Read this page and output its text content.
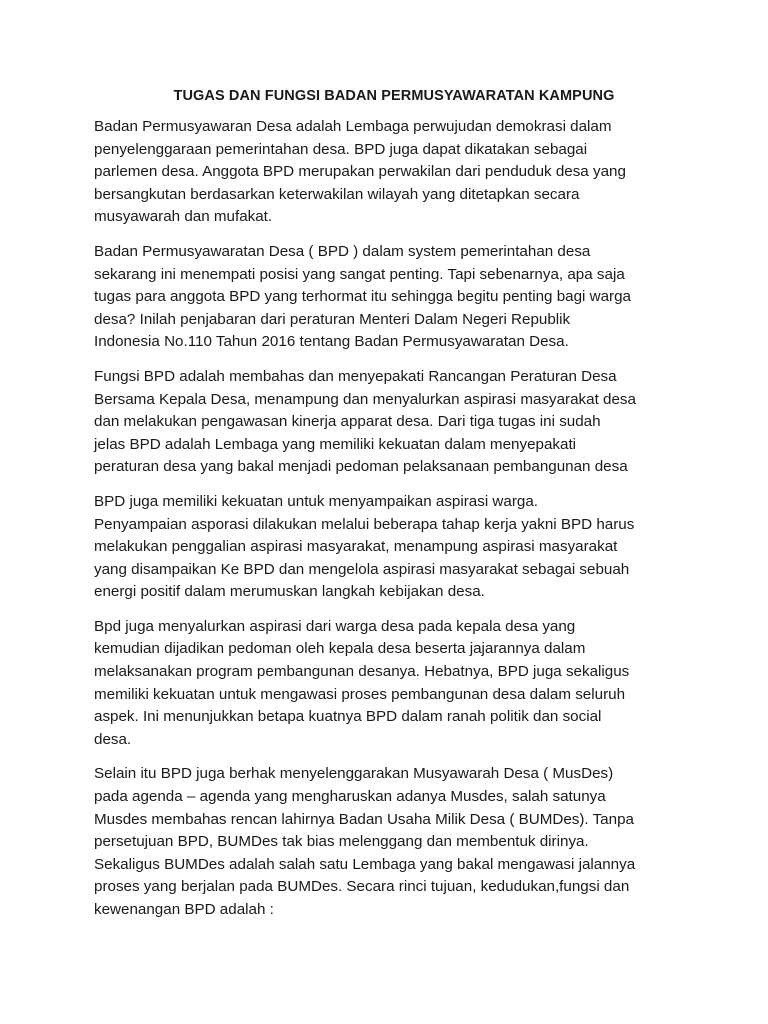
TUGAS DAN FUNGSI BADAN PERMUSYAWARATAN KAMPUNG
Badan Permusyawaran Desa adalah Lembaga perwujudan demokrasi dalam
penyelenggaraan pemerintahan desa. BPD juga dapat dikatakan sebagai
parlemen desa. Anggota BPD merupakan perwakilan dari penduduk desa yang
bersangkutan berdasarkan keterwakilan wilayah yang ditetapkan secara
musyawarah dan mufakat.
Badan Permusyawaratan Desa ( BPD ) dalam system pemerintahan desa
sekarang ini menempati posisi yang sangat penting. Tapi sebenarnya, apa saja
tugas para anggota BPD yang terhormat itu sehingga begitu penting bagi warga
desa? Inilah penjabaran dari peraturan Menteri Dalam Negeri Republik
Indonesia No.110 Tahun 2016 tentang Badan Permusyawaratan Desa.
Fungsi BPD adalah membahas dan menyepakati Rancangan Peraturan Desa
Bersama Kepala Desa, menampung dan menyalurkan aspirasi masyarakat desa
dan melakukan pengawasan kinerja apparat desa. Dari tiga tugas ini sudah
jelas BPD adalah Lembaga yang memiliki kekuatan dalam menyepakati
peraturan desa yang bakal menjadi pedoman pelaksanaan pembangunan desa
BPD juga memiliki kekuatan untuk menyampaikan aspirasi warga.
Penyampaian asporasi dilakukan melalui beberapa tahap kerja yakni BPD harus
melakukan penggalian aspirasi masyarakat, menampung aspirasi masyarakat
yang disampaikan Ke BPD dan mengelola aspirasi masyarakat sebagai sebuah
energi positif dalam merumuskan langkah kebijakan desa.
Bpd juga menyalurkan aspirasi dari warga desa pada kepala desa yang
kemudian dijadikan pedoman oleh kepala desa beserta jajarannya dalam
melaksanakan program pembangunan desanya. Hebatnya, BPD juga sekaligus
memiliki kekuatan untuk mengawasi proses pembangunan desa dalam seluruh
aspek. Ini menunjukkan betapa kuatnya BPD dalam ranah politik dan social
desa.
Selain itu BPD juga berhak menyelenggarakan Musyawarah Desa ( MusDes)
pada agenda – agenda yang mengharuskan adanya Musdes, salah satunya
Musdes membahas rencan lahirnya Badan Usaha Milik Desa ( BUMDes). Tanpa
persetujuan BPD, BUMDes tak bias melenggang dan membentuk dirinya.
Sekaligus BUMDes adalah salah satu Lembaga yang bakal mengawasi jalannya
proses yang berjalan pada BUMDes. Secara rinci tujuan, kedudukan,fungsi dan
kewenangan BPD adalah :
